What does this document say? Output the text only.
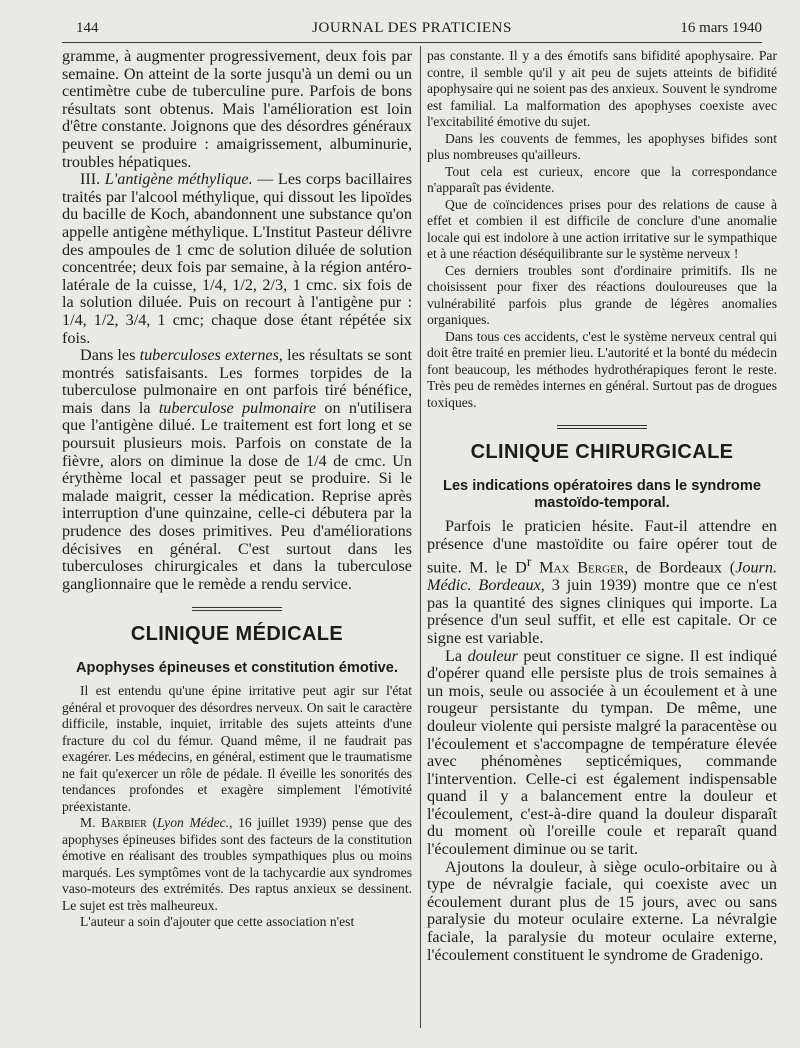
144	JOURNAL DES PRATICIENS	16 mars 1940

gramme, à augmenter progressivement, deux fois par semaine. On atteint de la sorte jusqu'à un demi ou un centimètre cube de tuberculine pure. Parfois de bons résultats sont obtenus. Mais l'amélioration est loin d'être constante. Joignons que des désordres généraux peuvent se produire : amaigrissement, albuminurie, troubles hépatiques.

III. L'antigène méthylique. — Les corps bacillaires traités par l'alcool méthylique, qui dissout les lipoïdes du bacille de Koch, abandonnent une substance qu'on appelle antigène méthylique. L'Institut Pasteur délivre des ampoules de 1 cmc de solution diluée de solution concentrée; deux fois par semaine, à la région antéro-latérale de la cuisse, 1/4, 1/2, 2/3, 1 cmc. six fois de la solution diluée. Puis on recourt à l'antigène pur : 1/4, 1/2, 3/4, 1 cmc; chaque dose étant répétée six fois.

Dans les tuberculoses externes, les résultats se sont montrés satisfaisants. Les formes torpides de la tuberculose pulmonaire en ont parfois tiré bénéfice, mais dans la tuberculose pulmonaire on n'utilisera que l'antigène dilué. Le traitement est fort long et se poursuit plusieurs mois. Parfois on constate de la fièvre, alors on diminue la dose de 1/4 de cmc. Un érythème local et passager peut se produire. Si le malade maigrit, cesser la médication. Reprise après interruption d'une quinzaine, celle-ci débutera par la prudence des doses primitives. Peu d'améliorations décisives en général. C'est surtout dans les tuberculoses chirurgicales et dans la tuberculose ganglionnaire que le remède a rendu service.

CLINIQUE MÉDICALE
Apophyses épineuses et constitution émotive.

Il est entendu qu'une épine irritative peut agir sur l'état général et provoquer des désordres nerveux. On sait le caractère difficile, instable, inquiet, irritable des sujets atteints d'une fracture du col du fémur. Quand même, il ne faudrait pas exagérer. Les médecins, en général, estiment que le traumatisme ne fait qu'exercer un rôle de pédale. Il éveille les sonorités des tendances profondes et exagère simplement l'émotivité préexistante.

M. Barbier (Lyon Médec., 16 juillet 1939) pense que des apophyses épineuses bifides sont des facteurs de la constitution émotive en réalisant des troubles sympathiques plus ou moins marqués. Les symptômes vont de la tachycardie aux syndromes vaso-moteurs des extrémités. Des raptus anxieux se dessinent. Le sujet est très malheureux.

L'auteur a soin d'ajouter que cette association n'est

pas constante. Il y a des émotifs sans bifidité apophysaire. Par contre, il semble qu'il y ait peu de sujets atteints de bifidité apophysaire qui ne soient pas des anxieux. Souvent le syndrome est familial. La malformation des apophyses coexiste avec l'excitabilité émotive du sujet.

Dans les couvents de femmes, les apophyses bifides sont plus nombreuses qu'ailleurs.

Tout cela est curieux, encore que la correspondance n'apparaît pas évidente.

Que de coïncidences prises pour des relations de cause à effet et combien il est difficile de conclure d'une anomalie locale qui est indolore à une action irritative sur le sympathique et à une réaction déséquilibrante sur le système nerveux !

Ces derniers troubles sont d'ordinaire primitifs. Ils ne choisissent pour fixer des réactions douloureuses que la vulnérabilité parfois plus grande de légères anomalies organiques.

Dans tous ces accidents, c'est le système nerveux central qui doit être traité en premier lieu. L'autorité et la bonté du médecin font beaucoup, les méthodes hydrothérapiques feront le reste. Très peu de remèdes internes en général. Surtout pas de drogues toxiques.

CLINIQUE CHIRURGICALE
Les indications opératoires dans le syndrome mastoïdo-temporal.

Parfois le praticien hésite. Faut-il attendre en présence d'une mastoïdite ou faire opérer tout de suite. M. le $D^r$ Max Berger, de Bordeaux (Journ. Médic. Bordeaux, 3 juin 1939) montre que ce n'est pas la quantité des signes cliniques qui importe. La présence d'un seul suffit, et elle est capitale. Or ce signe est variable.

La douleur peut constituer ce signe. Il est indiqué d'opérer quand elle persiste plus de trois semaines à un mois, seule ou associée à un écoulement et à une rougeur persistante du tympan. De même, une douleur violente qui persiste malgré la paracentèse ou l'écoulement et s'accompagne de température élevée avec phénomènes septicémiques, commande l'intervention. Celle-ci est également indispensable quand il y a balancement entre la douleur et l'écoulement, c'est-à-dire quand la douleur disparaît du moment où l'oreille coule et reparaît quand l'écoulement diminue ou se tarit.

Ajoutons la douleur, à siège oculo-orbitaire ou à type de névralgie faciale, qui coexiste avec un écoulement durant plus de 15 jours, avec ou sans paralysie du moteur oculaire externe. La névralgie faciale, la paralysie du moteur oculaire externe, l'écoulement constituent le syndrome de Gradenigo.
